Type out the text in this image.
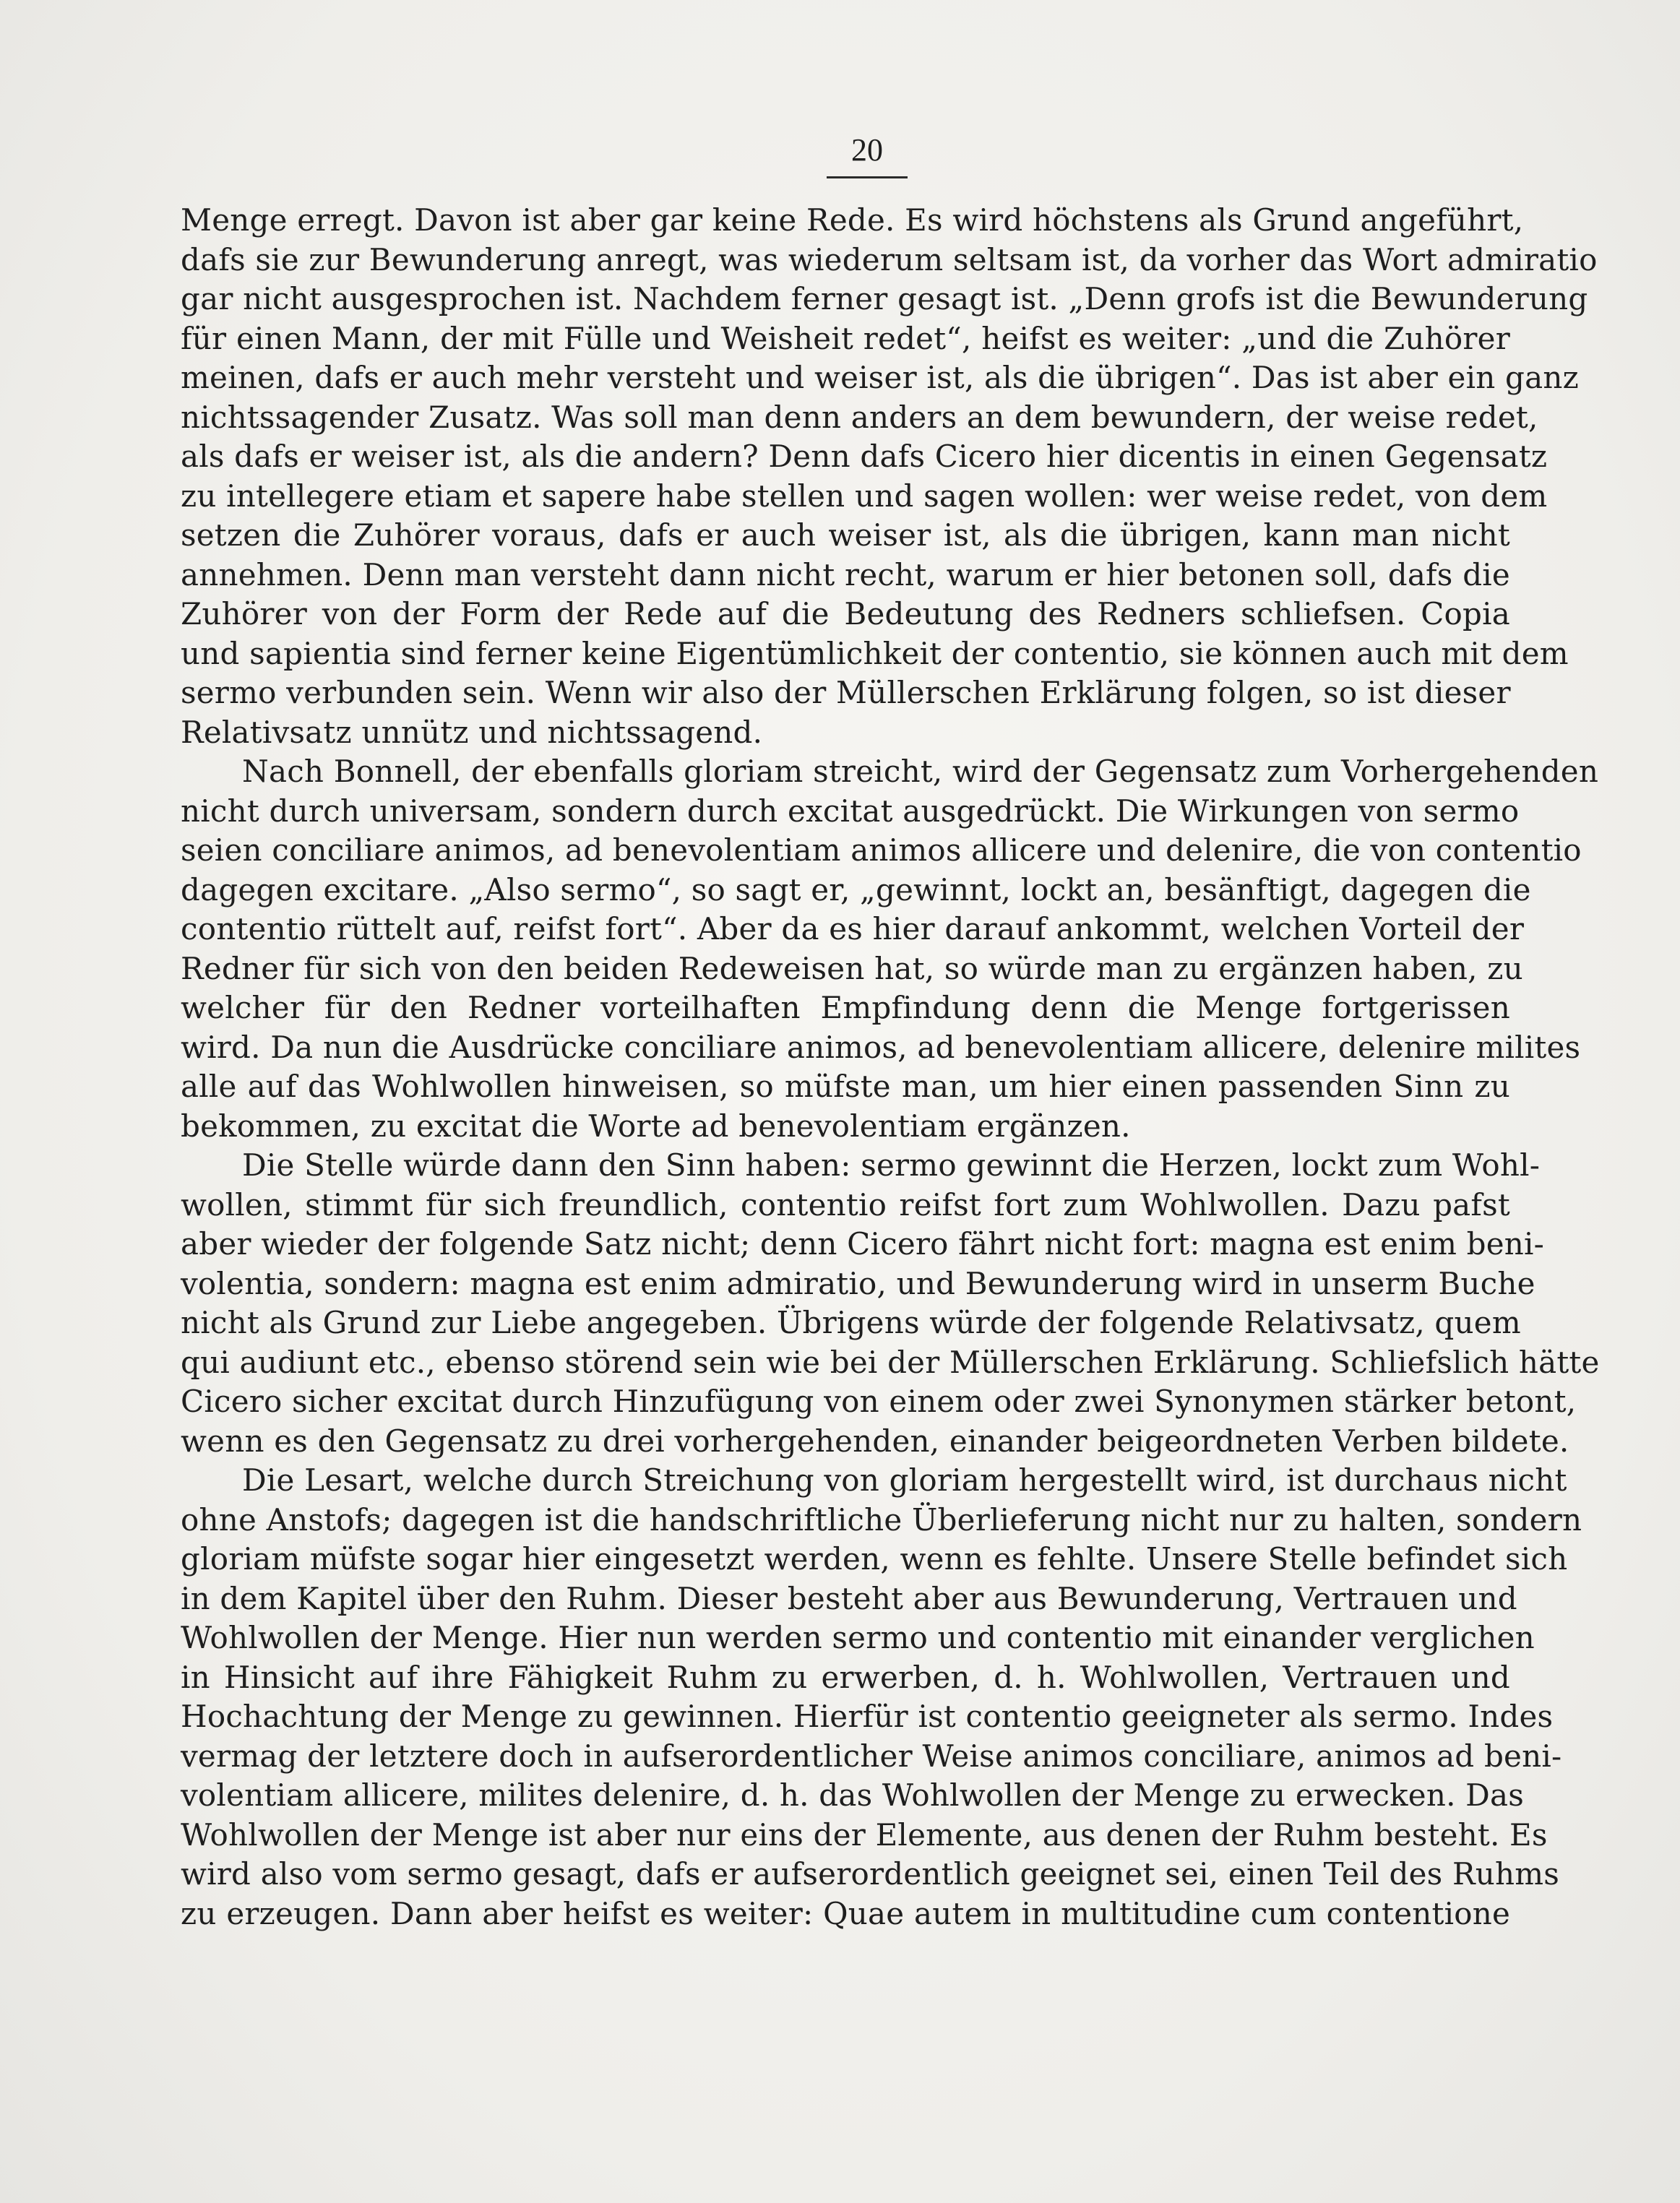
20
Menge erregt. Davon ist aber gar keine Rede. Es wird höchstens als Grund angeführt,
dafs sie zur Bewunderung anregt, was wiederum seltsam ist, da vorher das Wort admiratio
gar nicht ausgesprochen ist. Nachdem ferner gesagt ist. „Denn grofs ist die Bewunderung
für einen Mann, der mit Fülle und Weisheit redet“, heifst es weiter: „und die Zuhörer
meinen, dafs er auch mehr versteht und weiser ist, als die übrigen“. Das ist aber ein ganz
nichtssagender Zusatz. Was soll man denn anders an dem bewundern, der weise redet,
als dafs er weiser ist, als die andern? Denn dafs Cicero hier dicentis in einen Gegensatz
zu intellegere etiam et sapere habe stellen und sagen wollen: wer weise redet, von dem
setzen die Zuhörer voraus, dafs er auch weiser ist, als die übrigen, kann man nicht
annehmen. Denn man versteht dann nicht recht, warum er hier betonen soll, dafs die
Zuhörer von der Form der Rede auf die Bedeutung des Redners schliefsen. Copia
und sapientia sind ferner keine Eigentümlichkeit der contentio, sie können auch mit dem
sermo verbunden sein. Wenn wir also der Müllerschen Erklärung folgen, so ist dieser
Relativsatz unnütz und nichtssagend.
Nach Bonnell, der ebenfalls gloriam streicht, wird der Gegensatz zum Vorhergehenden
nicht durch universam, sondern durch excitat ausgedrückt. Die Wirkungen von sermo
seien conciliare animos, ad benevolentiam animos allicere und delenire, die von contentio
dagegen excitare. „Also sermo“, so sagt er, „gewinnt, lockt an, besänftigt, dagegen die
contentio rüttelt auf, reifst fort“. Aber da es hier darauf ankommt, welchen Vorteil der
Redner für sich von den beiden Redeweisen hat, so würde man zu ergänzen haben, zu
welcher für den Redner vorteilhaften Empfindung denn die Menge fortgerissen
wird. Da nun die Ausdrücke conciliare animos, ad benevolentiam allicere, delenire milites
alle auf das Wohlwollen hinweisen, so müfste man, um hier einen passenden Sinn zu
bekommen, zu excitat die Worte ad benevolentiam ergänzen.
Die Stelle würde dann den Sinn haben: sermo gewinnt die Herzen, lockt zum Wohl-
wollen, stimmt für sich freundlich, contentio reifst fort zum Wohlwollen. Dazu pafst
aber wieder der folgende Satz nicht; denn Cicero fährt nicht fort: magna est enim beni-
volentia, sondern: magna est enim admiratio, und Bewunderung wird in unserm Buche
nicht als Grund zur Liebe angegeben. Übrigens würde der folgende Relativsatz, quem
qui audiunt etc., ebenso störend sein wie bei der Müllerschen Erklärung. Schliefslich hätte
Cicero sicher excitat durch Hinzufügung von einem oder zwei Synonymen stärker betont,
wenn es den Gegensatz zu drei vorhergehenden, einander beigeordneten Verben bildete.
Die Lesart, welche durch Streichung von gloriam hergestellt wird, ist durchaus nicht
ohne Anstofs; dagegen ist die handschriftliche Überlieferung nicht nur zu halten, sondern
gloriam müfste sogar hier eingesetzt werden, wenn es fehlte. Unsere Stelle befindet sich
in dem Kapitel über den Ruhm. Dieser besteht aber aus Bewunderung, Vertrauen und
Wohlwollen der Menge. Hier nun werden sermo und contentio mit einander verglichen
in Hinsicht auf ihre Fähigkeit Ruhm zu erwerben, d. h. Wohlwollen, Vertrauen und
Hochachtung der Menge zu gewinnen. Hierfür ist contentio geeigneter als sermo. Indes
vermag der letztere doch in aufserordentlicher Weise animos conciliare, animos ad beni-
volentiam allicere, milites delenire, d. h. das Wohlwollen der Menge zu erwecken. Das
Wohlwollen der Menge ist aber nur eins der Elemente, aus denen der Ruhm besteht. Es
wird also vom sermo gesagt, dafs er aufserordentlich geeignet sei, einen Teil des Ruhms
zu erzeugen. Dann aber heifst es weiter: Quae autem in multitudine cum contentione
